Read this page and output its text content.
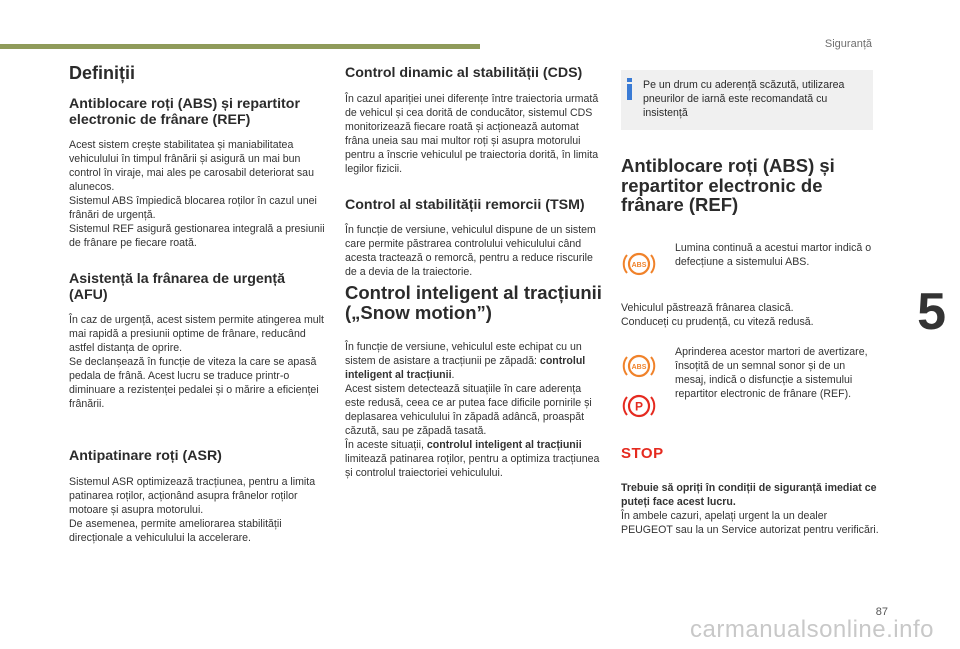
Siguranță
5
Definiții
Antiblocare roți (ABS) și repartitor electronic de frânare (REF)

Acest sistem crește stabilitatea și maniabilitatea vehiculului în timpul frânării și asigură un mai bun control în viraje, mai ales pe carosabil deteriorat sau alunecos.
Sistemul ABS împiedică blocarea roților în cazul unei frânări de urgență.
Sistemul REF asigură gestionarea integrală a presiunii de frânare pe fiecare roată.

Asistență la frânarea de urgență (AFU)

În caz de urgență, acest sistem permite atingerea mult mai rapidă a presiunii optime de frânare, reducând astfel distanța de oprire.
Se declanșează în funcție de viteza la care se apasă pedala de frână. Acest lucru se traduce printr-o diminuare a rezistenței pedalei și o mărire a eficienței frânării.

Antipatinare roți (ASR)

Sistemul ASR optimizează tracțiunea, pentru a limita patinarea roților, acționând asupra frânelor roților motoare și asupra motorului.
De asemenea, permite ameliorarea stabilității direcționale a vehiculului la accelerare.

Control dinamic al stabilității (CDS)

În cazul apariției unei diferențe între traiectoria urmată de vehicul și cea dorită de conducător, sistemul CDS monitorizează fiecare roată și acționează automat frâna uneia sau mai multor roți și asupra motorului pentru a înscrie vehiculul pe traiectoria dorită, în limita legilor fizicii.

Control al stabilității remorcii (TSM)

În funcție de versiune, vehiculul dispune de un sistem care permite păstrarea controlului vehiculului când acesta tractează o remorcă, pentru a reduce riscurile de a devia de la traiectorie.

Control inteligent al tracțiunii („Snow motion”)

În funcție de versiune, vehiculul este echipat cu un sistem de asistare a tracțiunii pe zăpadă: controlul inteligent al tracțiunii.

Acest sistem detectează situațiile în care aderența este redusă, ceea ce ar putea face dificile pornirile și deplasarea vehiculului în zăpadă adâncă, proaspăt căzută, sau pe zăpadă tasată.

În aceste situații, controlul inteligent al tracțiunii limitează patinarea roților, pentru a optimiza tracțiunea și controlul traiectoriei vehiculului.

Pe un drum cu aderență scăzută, utilizarea pneurilor de iarnă este recomandată cu insistență
Antiblocare roți (ABS) și repartitor electronic de frânare (REF)
ABS

Lumina continuă a acestui martor indică o defecțiune a sistemului ABS.

Vehiculul păstrează frânarea clasică.
Conduceți cu prudență, cu viteză redusă.

ABS
P

Aprinderea acestor martori de avertizare, însoțită de un semnal sonor și de un mesaj, indică o disfuncție a sistemului repartitor electronic de frânare (REF).

STOP

Trebuie să opriți în condiții de siguranță imediat ce puteți face acest lucru.
În ambele cazuri, apelați urgent la un dealer PEUGEOT sau la un Service autorizat pentru verificări.

87
carmanualsonline.info
